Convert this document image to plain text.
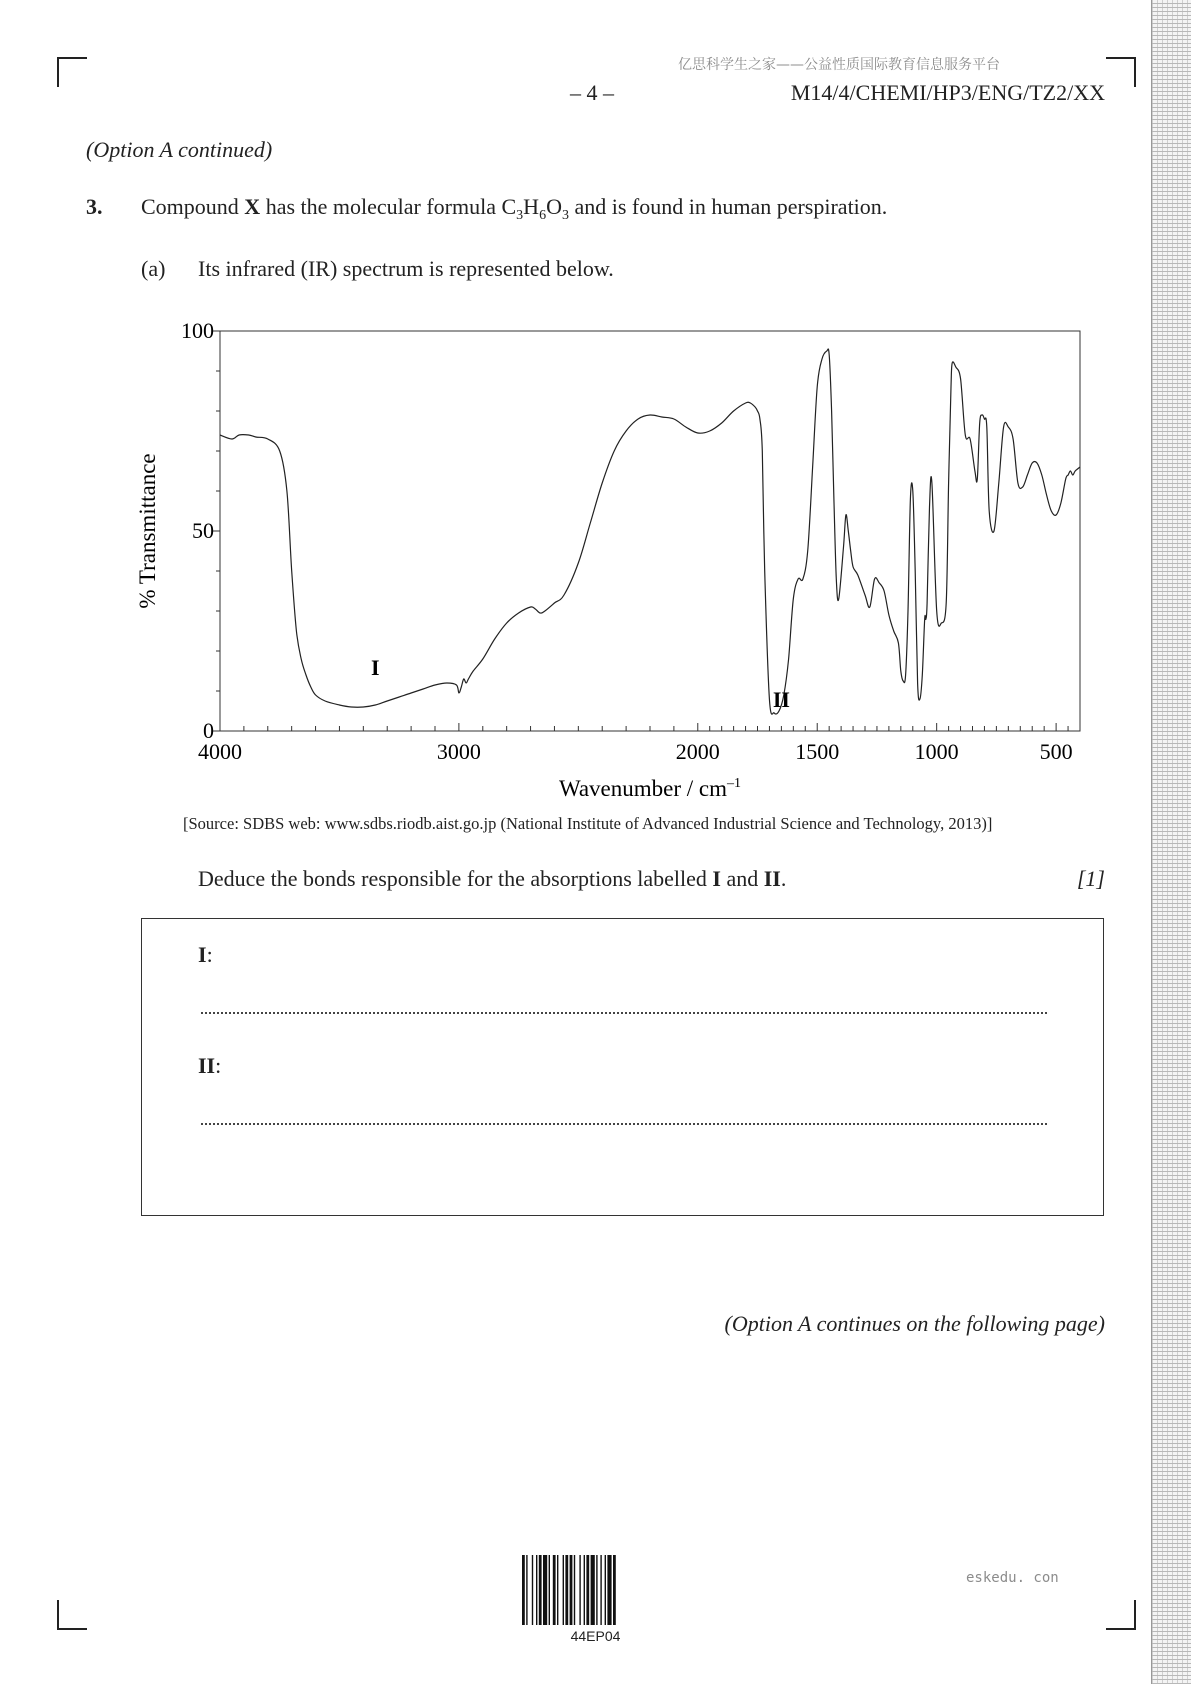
亿思科学生之家——公益性质国际教育信息服务平台
– 4 –	M14/4/CHEMI/HP3/ENG/TZ2/XX
(Option A continued)
3. Compound X has the molecular formula $C_3H_6O_3$ and is found in human perspiration.
(a) Its infrared (IR) spectrum is represented below.
4000	3000	2000	1500	1000	500
100
50
0
I
II
% Transmittance
Wavenumber / $cm^{-1}$
[Source: SDBS web: www.sdbs.riodb.aist.go.jp (National Institute of Advanced Industrial Science and Technology, 2013)]
Deduce the bonds responsible for the absorptions labelled I and II.	[1]
I:
II:
(Option A continues on the following page)
44EP04
eskedu. con
